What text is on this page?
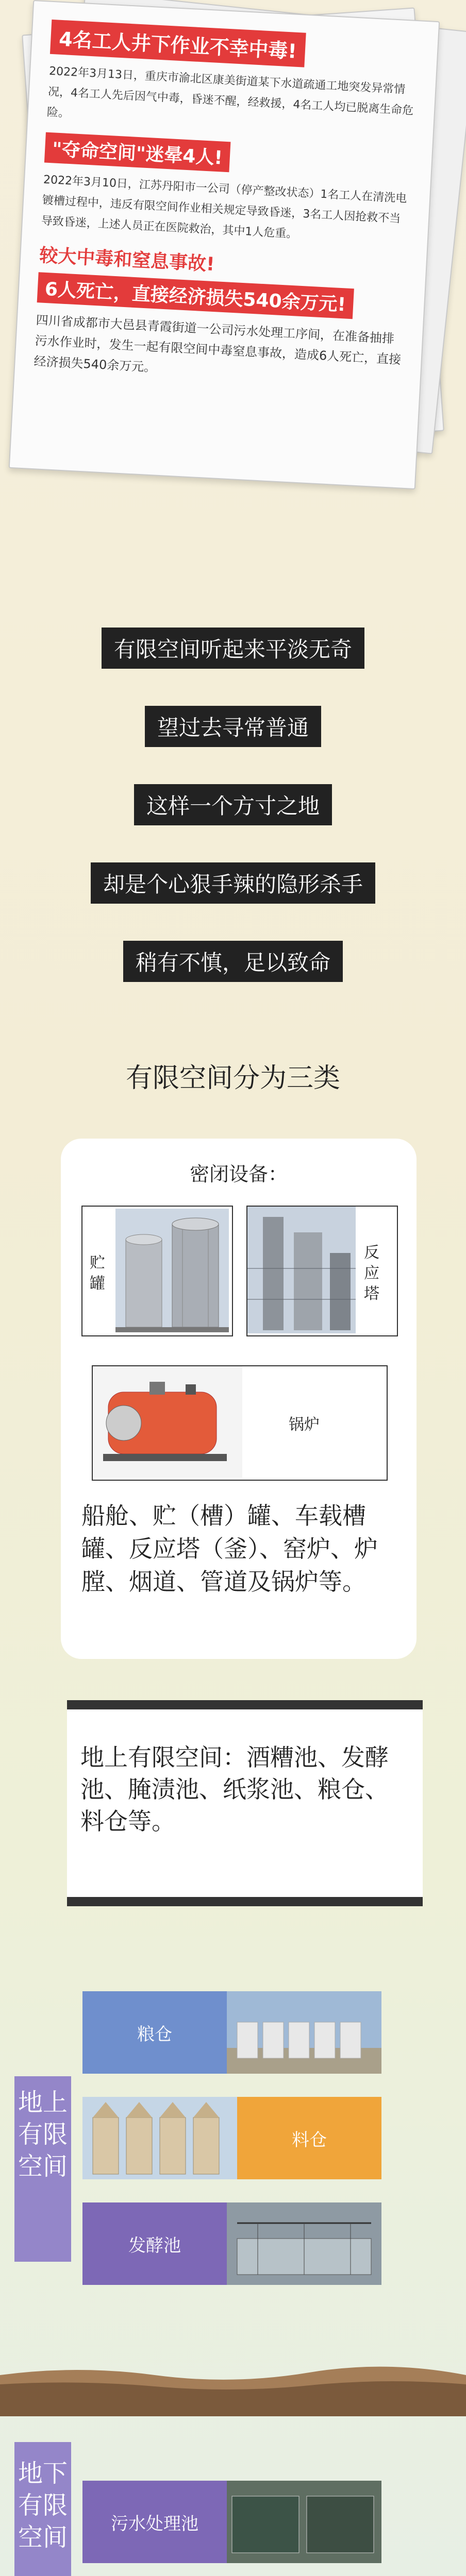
4名工人井下作业不幸中毒!
2022年3月13日，重庆市渝北区康美街道某下水道疏通工地突发异常情况，4名工人先后因气中毒，昏迷不醒，经救援，4名工人均已脱离生命危险。
"夺命空间"迷晕4人!
2022年3月10日，江苏丹阳市一公司（停产整改状态）1名工人在清洗电镀槽过程中，违反有限空间作业相关规定导致昏迷，3名工人因抢救不当导致昏迷，上述人员正在医院救治，其中1人危重。
较大中毒和窒息事故!
6人死亡，直接经济损失540余万元!
四川省成都市大邑县青霞街道一公司污水处理工序间，在准备抽排污水作业时，发生一起有限空间中毒窒息事故，造成6人死亡，直接经济损失540余万元。
有限空间听起来平淡无奇
望过去寻常普通
这样一个方寸之地
却是个心狠手辣的隐形杀手
稍有不慎，足以致命
有限空间分为三类
密闭设备：
贮罐
反应塔
锅炉
船舱、贮（槽）罐、车载槽罐、反应塔（釜）、窑炉、炉膛、烟道、管道及锅炉等。
地上有限空间：酒糟池、发酵池、腌渍池、纸浆池、粮仓、料仓等。
粮仓
料仓
发酵池
地上有限空间
地下有限空间	污水处理池
